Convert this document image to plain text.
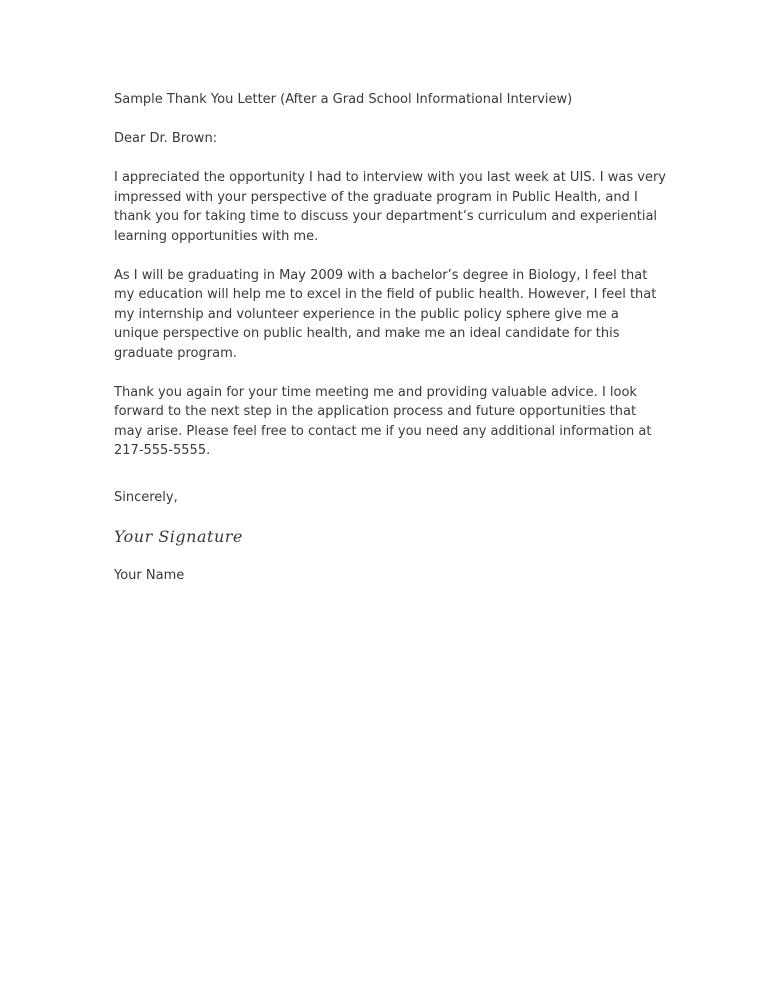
Sample Thank You Letter (After a Grad School Informational Interview)

Dear Dr. Brown:

I appreciated the opportunity I had to interview with you last week at UIS. I was very impressed with your perspective of the graduate program in Public Health, and I thank you for taking time to discuss your department’s curriculum and experiential learning opportunities with me.

As I will be graduating in May 2009 with a bachelor’s degree in Biology, I feel that my education will help me to excel in the field of public health. However, I feel that my internship and volunteer experience in the public policy sphere give me a unique perspective on public health, and make me an ideal candidate for this graduate program.

Thank you again for your time meeting me and providing valuable advice. I look forward to the next step in the application process and future opportunities that may arise. Please feel free to contact me if you need any additional information at 217-555-5555.

Sincerely,

Your Signature

Your Name
